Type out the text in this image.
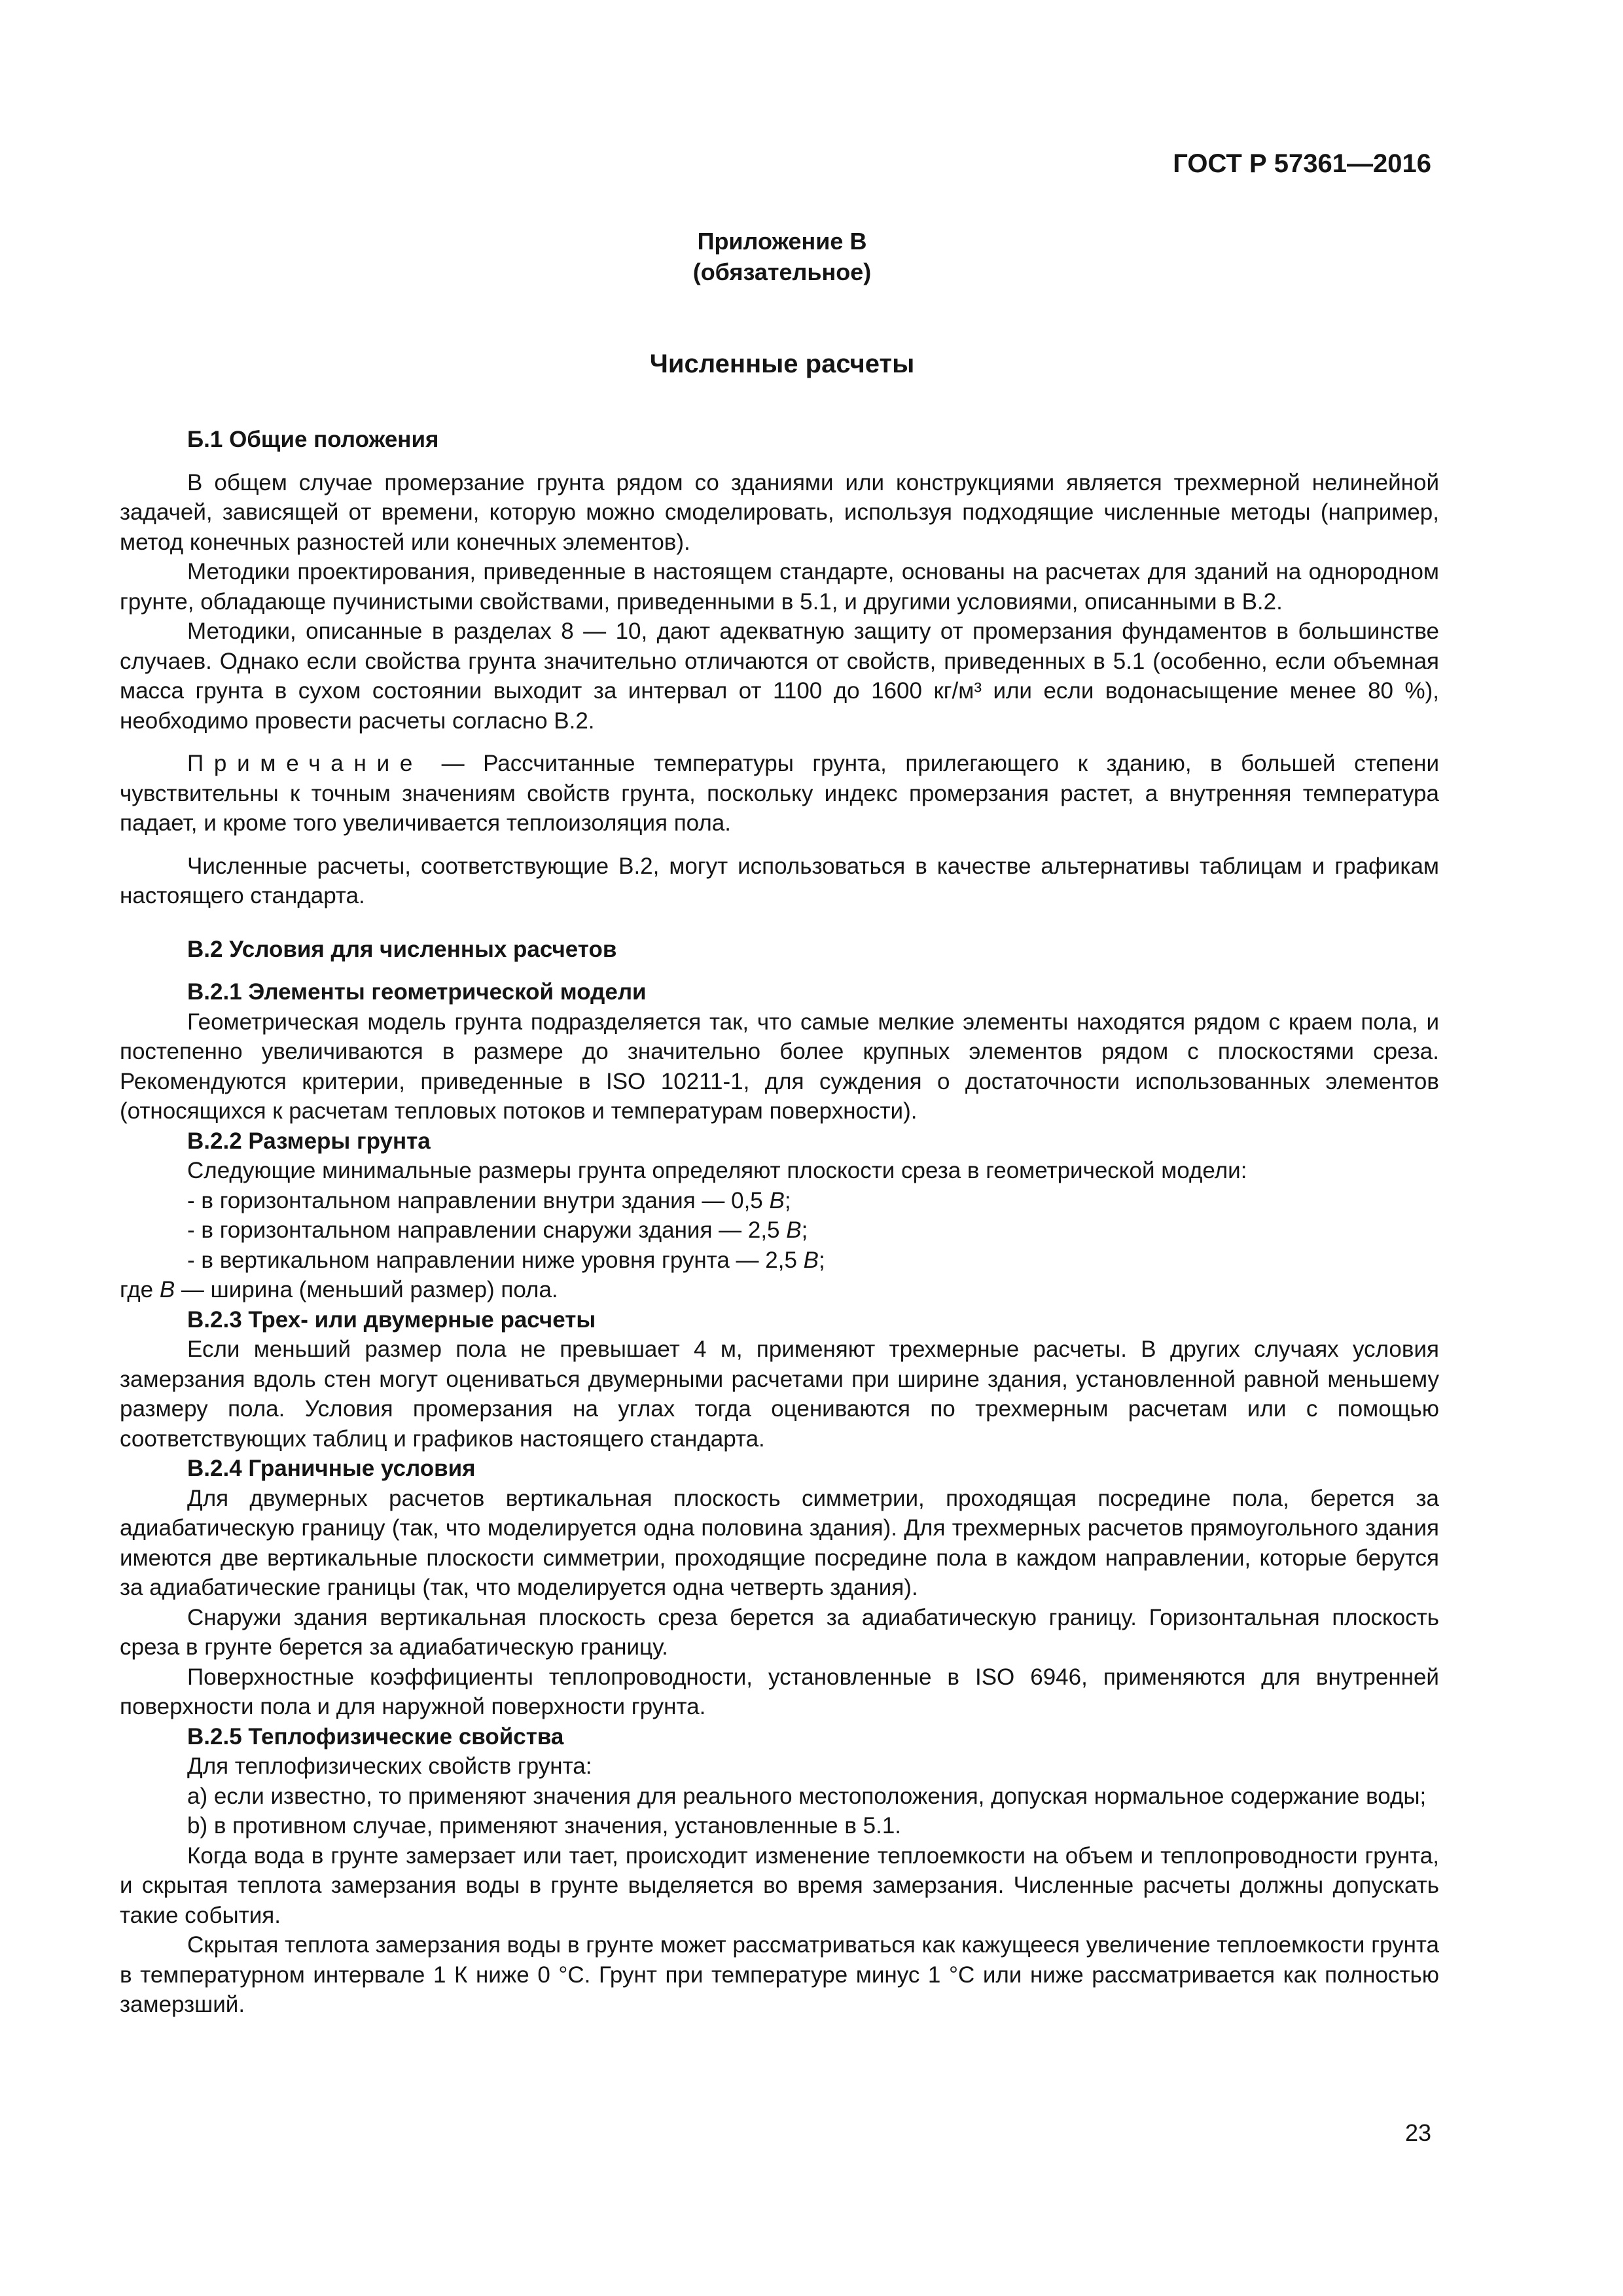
ГОСТ Р 57361—2016
Приложение В
(обязательное)
Численные расчеты
Б.1 Общие положения

В общем случае промерзание грунта рядом со зданиями или конструкциями является трехмерной нелинейной задачей, зависящей от времени, которую можно смоделировать, используя подходящие численные методы (например, метод конечных разностей или конечных элементов).

Методики проектирования, приведенные в настоящем стандарте, основаны на расчетах для зданий на однородном грунте, обладающе пучинистыми свойствами, приведенными в 5.1, и другими условиями, описанными в В.2.

Методики, описанные в разделах 8 — 10, дают адекватную защиту от промерзания фундаментов в большинстве случаев. Однако если свойства грунта значительно отличаются от свойств, приведенных в 5.1 (особенно, если объемная масса грунта в сухом состоянии выходит за интервал от 1100 до 1600 кг/м³ или если водонасыщение менее 80 %), необходимо провести расчеты согласно В.2.

Примечание — Рассчитанные температуры грунта, прилегающего к зданию, в большей степени чувствительны к точным значениям свойств грунта, поскольку индекс промерзания растет, а внутренняя температура падает, и кроме того увеличивается теплоизоляция пола.

Численные расчеты, соответствующие В.2, могут использоваться в качестве альтернативы таблицам и графикам настоящего стандарта.

В.2 Условия для численных расчетов
В.2.1 Элементы геометрической модели

Геометрическая модель грунта подразделяется так, что самые мелкие элементы находятся рядом с краем пола, и постепенно увеличиваются в размере до значительно более крупных элементов рядом с плоскостями среза. Рекомендуются критерии, приведенные в ISO 10211-1, для суждения о достаточности использованных элементов (относящихся к расчетам тепловых потоков и температурам поверхности).

В.2.2 Размеры грунта
Следующие минимальные размеры грунта определяют плоскости среза в геометрической модели:
- в горизонтальном направлении внутри здания — 0,5 B;
- в горизонтальном направлении снаружи здания — 2,5 B;
- в вертикальном направлении ниже уровня грунта — 2,5 B;
где B — ширина (меньший размер) пола.
В.2.3 Трех- или двумерные расчеты

Если меньший размер пола не превышает 4 м, применяют трехмерные расчеты. В других случаях условия замерзания вдоль стен могут оцениваться двумерными расчетами при ширине здания, установленной равной меньшему размеру пола. Условия промерзания на углах тогда оцениваются по трехмерным расчетам или с помощью соответствующих таблиц и графиков настоящего стандарта.

В.2.4 Граничные условия

Для двумерных расчетов вертикальная плоскость симметрии, проходящая посредине пола, берется за адиабатическую границу (так, что моделируется одна половина здания). Для трехмерных расчетов прямоугольного здания имеются две вертикальные плоскости симметрии, проходящие посредине пола в каждом направлении, которые берутся за адиабатические границы (так, что моделируется одна четверть здания).

Снаружи здания вертикальная плоскость среза берется за адиабатическую границу. Горизонтальная плоскость среза в грунте берется за адиабатическую границу.

Поверхностные коэффициенты теплопроводности, установленные в ISO 6946, применяются для внутренней поверхности пола и для наружной поверхности грунта.

В.2.5 Теплофизические свойства
Для теплофизических свойств грунта:

а) если известно, то применяют значения для реального местоположения, допуская нормальное содержание воды;

b) в противном случае, применяют значения, установленные в 5.1.

Когда вода в грунте замерзает или тает, происходит изменение теплоемкости на объем и теплопроводности грунта, и скрытая теплота замерзания воды в грунте выделяется во время замерзания. Численные расчеты должны допускать такие события.

Скрытая теплота замерзания воды в грунте может рассматриваться как кажущееся увеличение теплоемкости грунта в температурном интервале 1 К ниже 0 °С. Грунт при температуре минус 1 °С или ниже рассматривается как полностью замерзший.

23
